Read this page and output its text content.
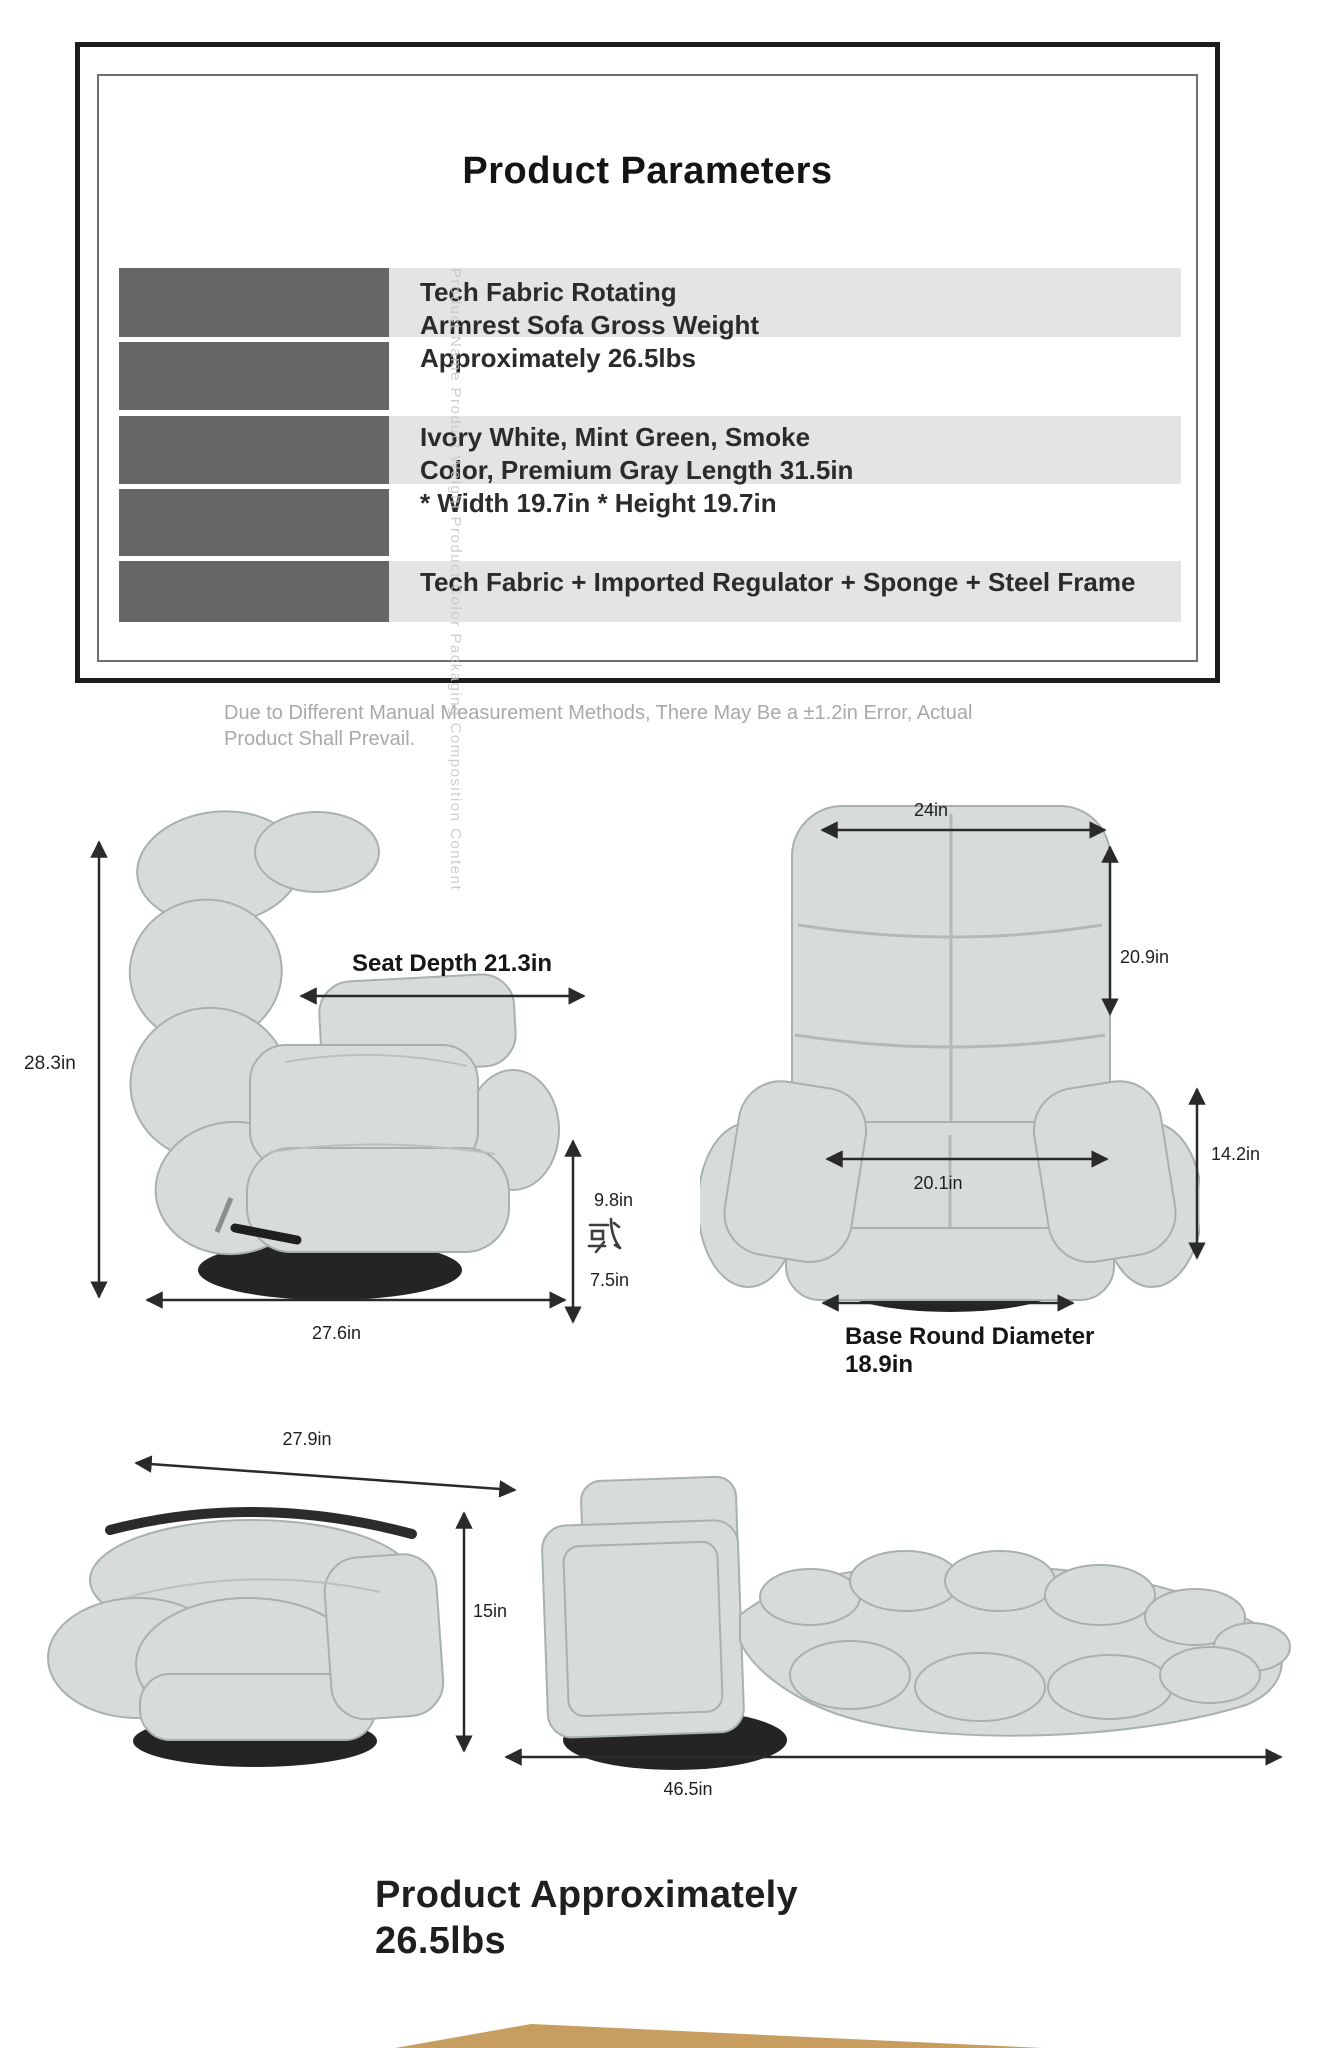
Product Parameters
Tech Fabric Rotating
Armrest Sofa Gross Weight
Approximately 26.5lbs
Ivory White, Mint Green, Smoke
Color, Premium Gray Length 31.5in
* Width 19.7in * Height 19.7in
Tech Fabric + Imported Regulator + Sponge + Steel Frame
Product Name Product Weight Product Color Packaging Composition Content
Due to Different Manual Measurement Methods, There May Be a ±1.2in Error, Actual
Product Shall Prevail.
28.3in
Seat Depth 21.3in
9.8in
7.5in
27.6in
24in
20.9in
20.1in
14.2in
Base Round Diameter
18.9in
27.9in
15in
46.5in
Product Approximately
26.5lbs
